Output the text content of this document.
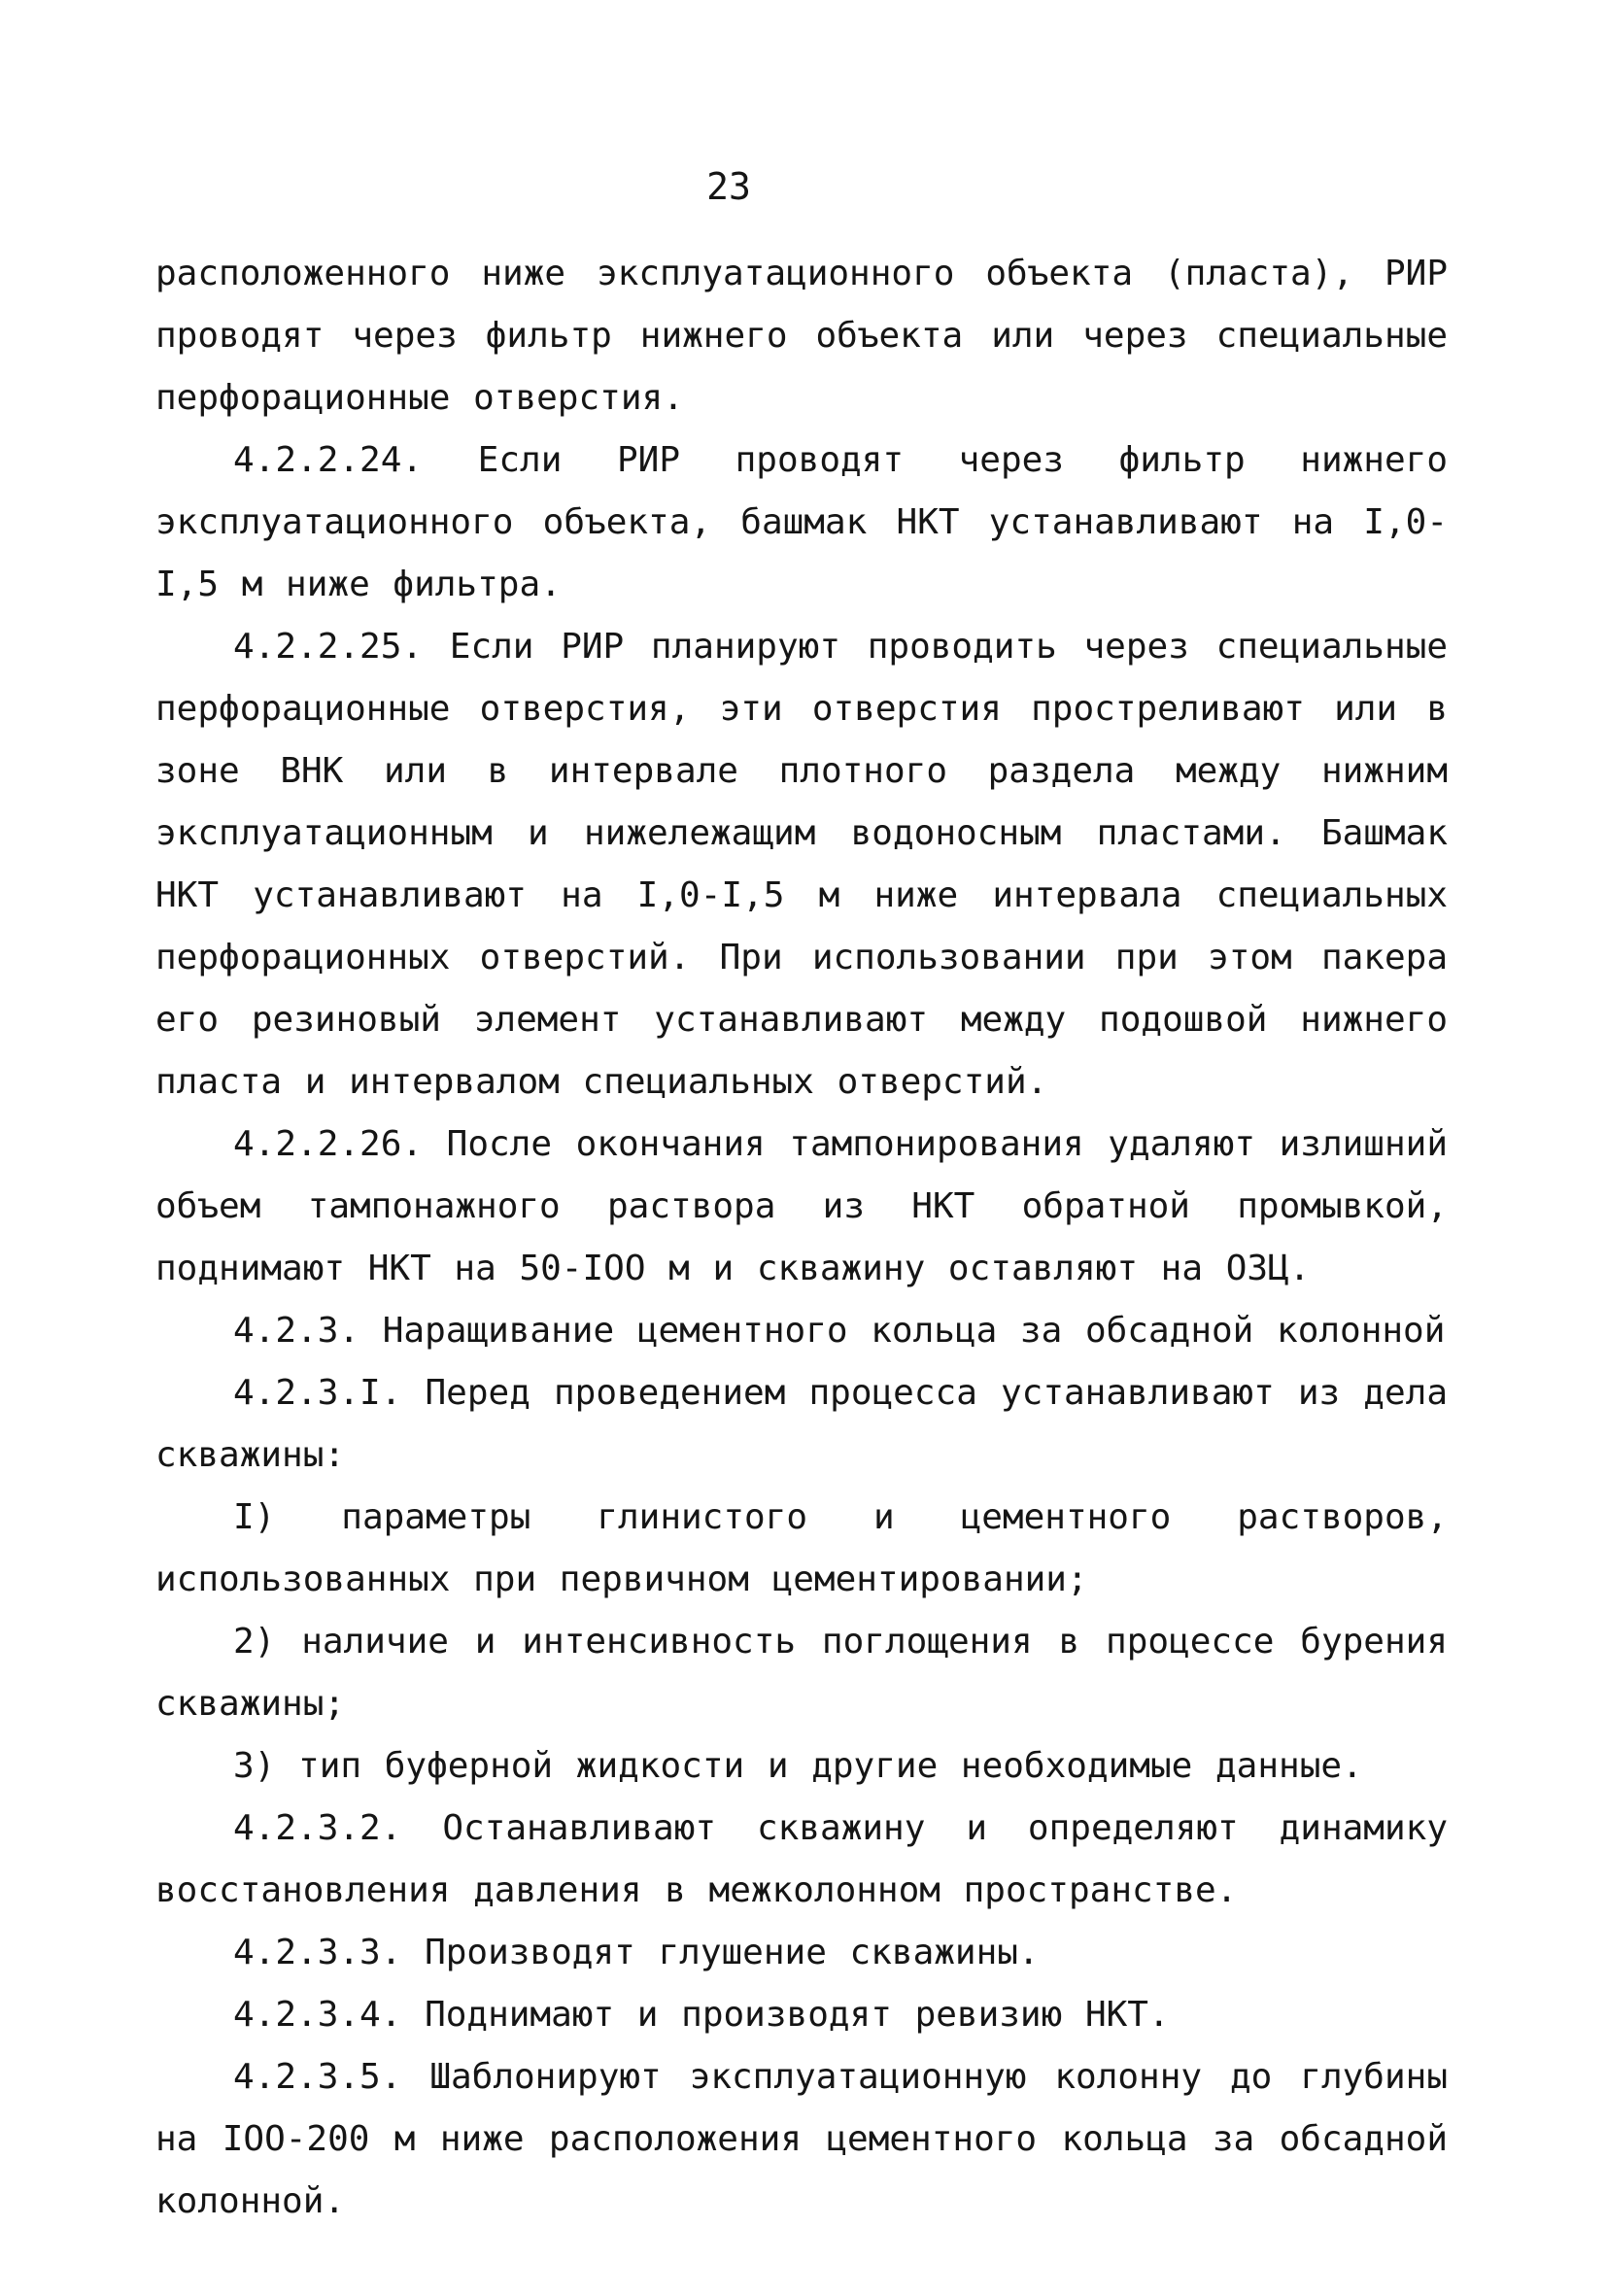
23

расположенного ниже эксплуатационного объекта (пласта), РИР проводят через фильтр нижнего объекта или через специальные перфорационные отверстия.

4.2.2.24. Если РИР проводят через фильтр нижнего эксплуатационного объекта, башмак НКТ устанавливают на I,0-I,5 м ниже фильтра.

4.2.2.25. Если РИР планируют проводить через специальные перфорационные отверстия, эти отверстия простреливают или в зоне ВНК или в интервале плотного раздела между нижним эксплуатационным и нижележащим водоносным пластами. Башмак НКТ устанавливают на I,0-I,5 м ниже интервала специальных перфорационных отверстий. При использовании при этом пакера его резиновый элемент устанавливают между подошвой нижнего пласта и интервалом специальных отверстий.

4.2.2.26. После окончания тампонирования удаляют излишний объем тампонажного раствора из НКТ обратной промывкой, поднимают НКТ на 50-IOO м и скважину оставляют на ОЗЦ.

4.2.3. Наращивание цементного кольца за обсадной колонной

4.2.3.I. Перед проведением процесса устанавливают из дела скважины:

I) параметры глинистого и цементного растворов, использованных при первичном цементировании;

2) наличие и интенсивность поглощения в процессе бурения скважины;

3) тип буферной жидкости и другие необходимые данные.

4.2.3.2. Останавливают скважину и определяют динамику восстановления давления в межколонном пространстве.

4.2.3.3. Производят глушение скважины.

4.2.3.4. Поднимают и производят ревизию НКТ.

4.2.3.5. Шаблонируют эксплуатационную колонну до глубины на IOO-200 м ниже расположения цементного кольца за обсадной колонной.
